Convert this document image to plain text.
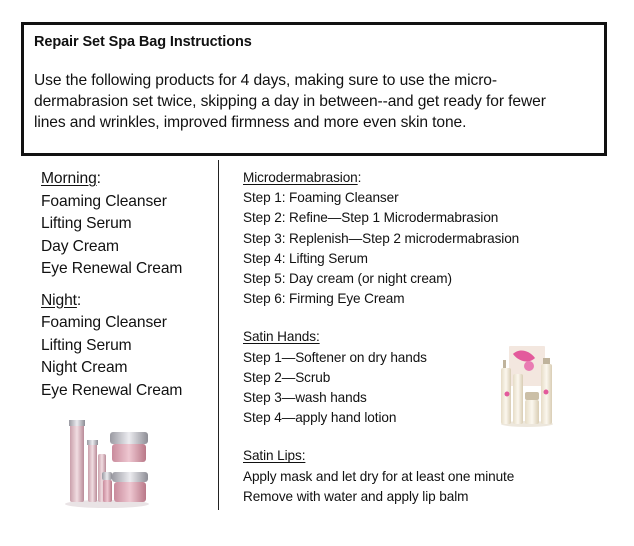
Repair Set Spa Bag Instructions
Use the following products for 4 days, making sure to use the micro-
dermabrasion set twice, skipping a day in between--and get ready for fewer
lines and wrinkles, improved firmness and more even skin tone.
Morning:
Foaming Cleanser
Lifting Serum
Day Cream
Eye Renewal Cream
Night:
Foaming Cleanser
Lifting Serum
Night Cream
Eye Renewal Cream
Microdermabrasion:
Step 1: Foaming Cleanser
Step 2: Refine—Step 1 Microdermabrasion
Step 3: Replenish—Step 2 microdermabrasion
Step 4: Lifting Serum
Step 5: Day cream (or night cream)
Step 6: Firming Eye Cream
Satin Hands:
Step 1—Softener on dry hands
Step 2—Scrub
Step 3—wash hands
Step 4—apply hand lotion
Satin Lips:
Apply mask and let dry for at least one minute
Remove with water and apply lip balm
